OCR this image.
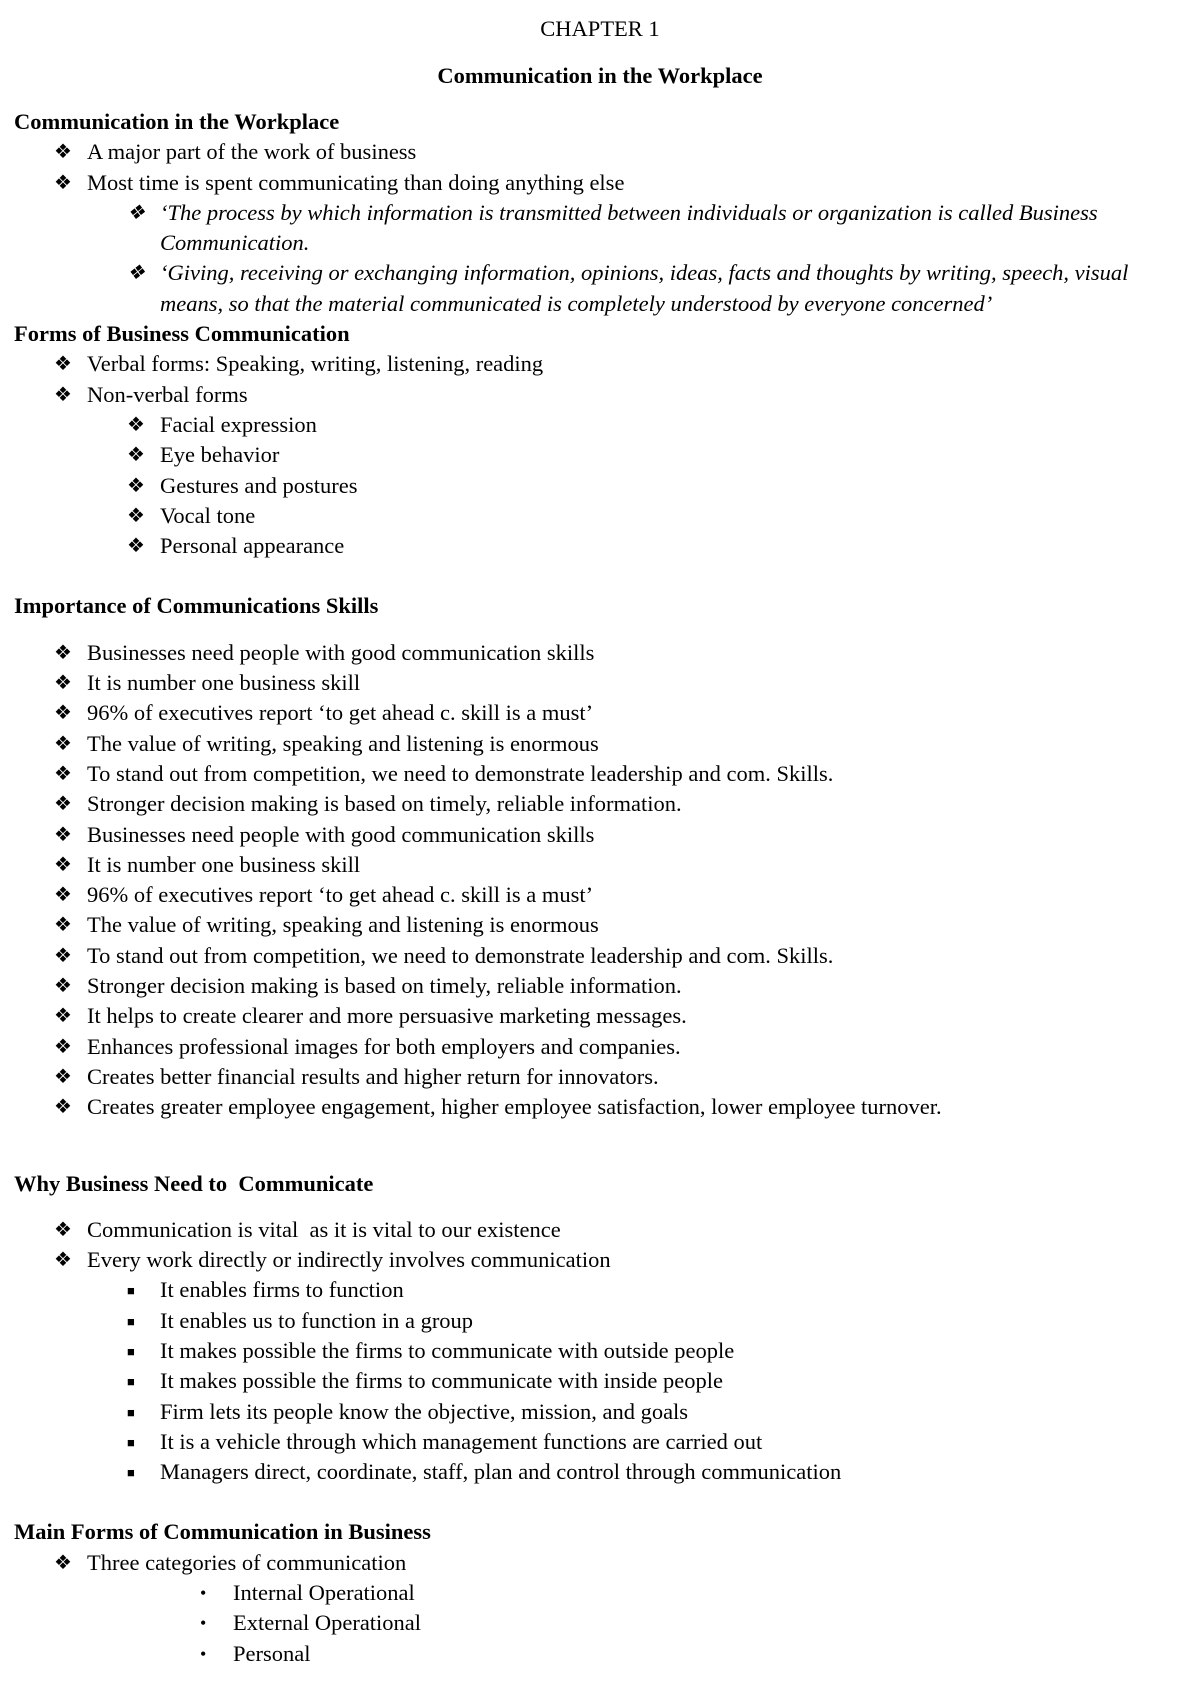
CHAPTER 1
Communication in the Workplace
Communication in the Workplace
❖ A major part of the work of business
❖ Most time is spent communicating than doing anything else
❖ ‘The process by which information is transmitted between individuals or organization is called Business Communication.
❖ ‘Giving, receiving or exchanging information, opinions, ideas, facts and thoughts by writing, speech, visual means, so that the material communicated is completely understood by everyone concerned’
Forms of Business Communication
❖ Verbal forms: Speaking, writing, listening, reading
❖ Non-verbal forms
❖ Facial expression
❖ Eye behavior
❖ Gestures and postures
❖ Vocal tone
❖ Personal appearance
Importance of Communications Skills
❖ Businesses need people with good communication skills
❖ It is number one business skill
❖ 96% of executives report ‘to get ahead c. skill is a must’
❖ The value of writing, speaking and listening is enormous
❖ To stand out from competition, we need to demonstrate leadership and com. Skills.
❖ Stronger decision making is based on timely, reliable information.
❖ Businesses need people with good communication skills
❖ It is number one business skill
❖ 96% of executives report ‘to get ahead c. skill is a must’
❖ The value of writing, speaking and listening is enormous
❖ To stand out from competition, we need to demonstrate leadership and com. Skills.
❖ Stronger decision making is based on timely, reliable information.
❖ It helps to create clearer and more persuasive marketing messages.
❖ Enhances professional images for both employers and companies.
❖ Creates better financial results and higher return for innovators.
❖ Creates greater employee engagement, higher employee satisfaction, lower employee turnover.
Why Business Need to  Communicate
❖ Communication is vital  as it is vital to our existence
❖ Every work directly or indirectly involves communication
■ It enables firms to function
■ It enables us to function in a group
■ It makes possible the firms to communicate with outside people
■ It makes possible the firms to communicate with inside people
■ Firm lets its people know the objective, mission, and goals
■ It is a vehicle through which management functions are carried out
■ Managers direct, coordinate, staff, plan and control through communication
Main Forms of Communication in Business
❖ Three categories of communication
• Internal Operational
• External Operational
• Personal
